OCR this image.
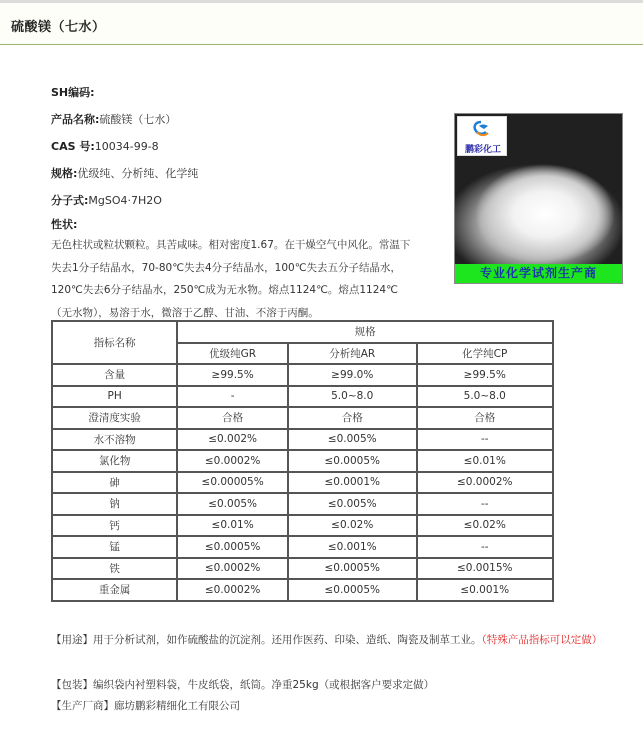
硫酸镁（七水）
SH编码:
产品名称:硫酸镁（七水）
CAS 号:10034-99-8
规格:优级纯、分析纯、化学纯
分子式:MgSO4·7H2O
性状:
无色柱状或粒状颗粒。具苦咸味。相对密度1.67。在干燥空气中风化。常温下失去1分子结晶水，70-80℃失去4分子结晶水，100℃失去五分子结晶水，120℃失去6分子结晶水，250℃成为无水物。熔点1124℃。熔点1124℃（无水物），易溶于水，微溶于乙醇、甘油、不溶于丙酮。
鹏彩化工
专业化学试剂生产商
指标名称	规格		
	优级纯GR	分析纯AR	化学纯CP
含量	≥99.5%	≥99.0%	≥99.5%
PH	-	5.0~8.0	5.0~8.0
澄清度实验	合格	合格	合格
水不溶物	≤0.002%	≤0.005%	--
氯化物	≤0.0002%	≤0.0005%	≤0.01%
砷	≤0.00005%	≤0.0001%	≤0.0002%
钠	≤0.005%	≤0.005%	--
钙	≤0.01%	≤0.02%	≤0.02%
锰	≤0.0005%	≤0.001%	--
铁	≤0.0002%	≤0.0005%	≤0.0015%
重金属	≤0.0002%	≤0.0005%	≤0.001%
【用途】用于分析试剂，如作硫酸盐的沉淀剂。还用作医药、印染、造纸、陶瓷及制革工业。（特殊产品指标可以定做）
【包装】编织袋内衬塑料袋，牛皮纸袋，纸筒。净重25kg（或根据客户要求定做）
【生产厂商】廊坊鹏彩精细化工有限公司
